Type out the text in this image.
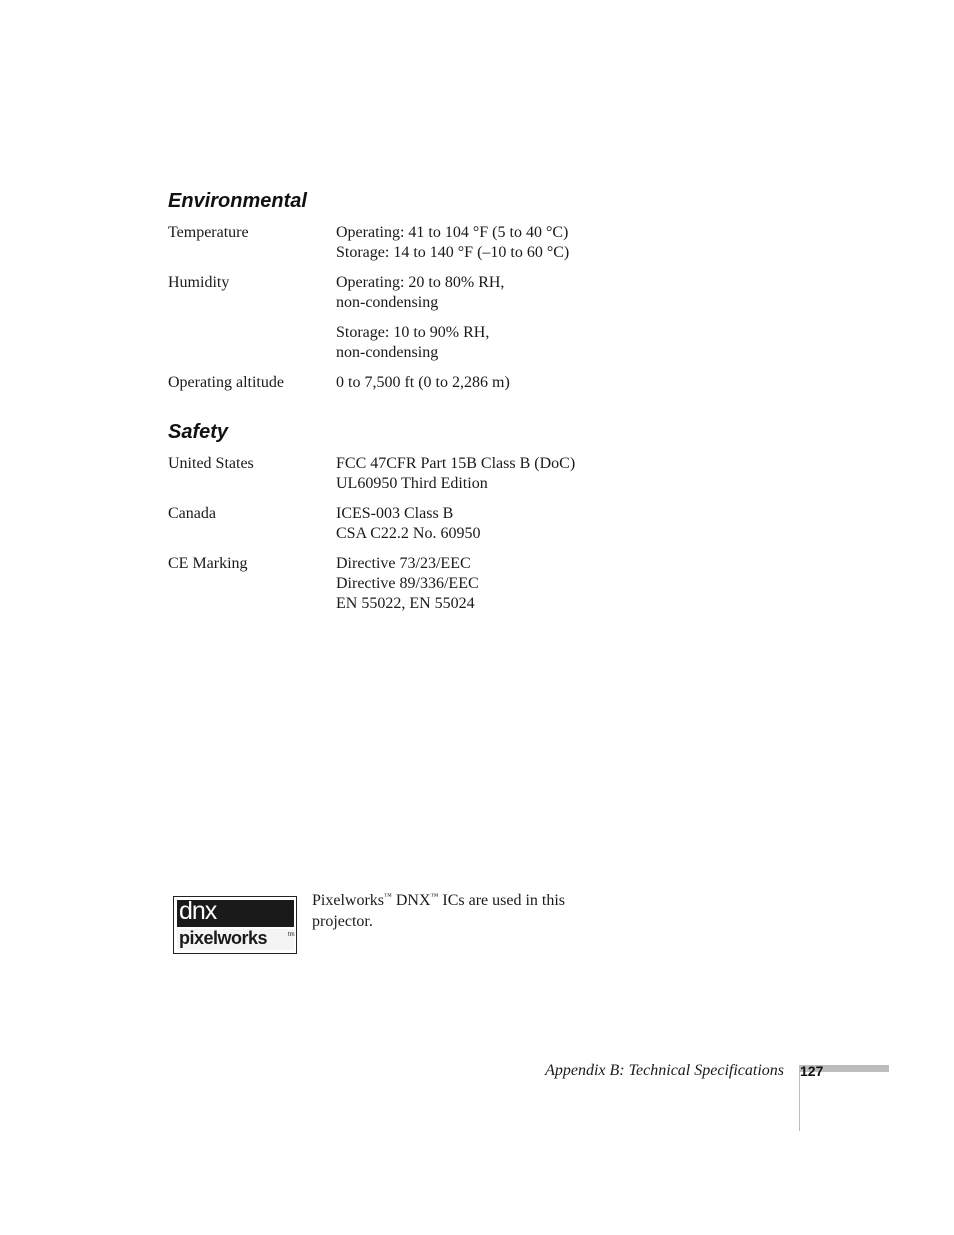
Environmental
Temperature	Operating: 41 to 104 °F (5 to 40 °C)
Storage: 14 to 140 °F (–10 to 60 °C)
Humidity	Operating: 20 to 80% RH,
non-condensing
Storage: 10 to 90% RH,
non-condensing
Operating altitude	0 to 7,500 ft (0 to 2,286 m)
Safety
United States	FCC 47CFR Part 15B Class B (DoC)
UL60950 Third Edition
Canada	ICES-003 Class B
CSA C22.2 No. 60950
CE Marking	Directive 73/23/EEC
Directive 89/336/EEC
EN 55022, EN 55024
dnx
pixelworks	tm
Pixelworks™ DNX™ ICs are used in this projector.
Appendix B: Technical Specifications 127
